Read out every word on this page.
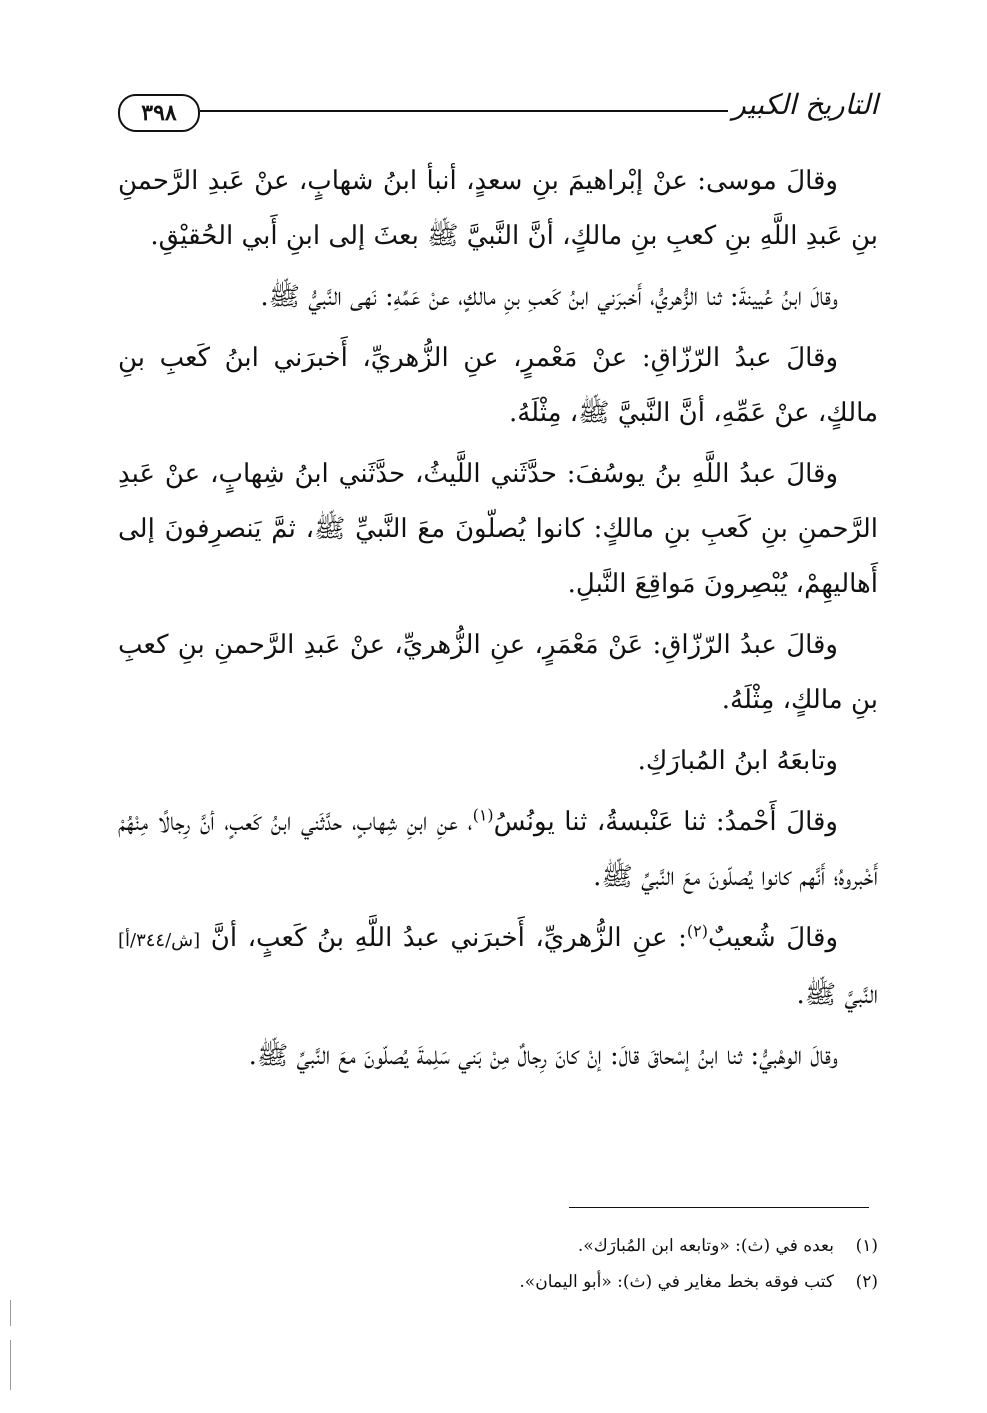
٣٩٨	التاريخ الكبير

وقالَ موسى: عنْ إبْراهيمَ بنِ سعدٍ، أنبأ ابنُ شهابٍ، عنْ عَبدِ الرَّحمنِ بنِ عَبدِ اللَّهِ بنِ كعبِ بنِ مالكٍ، أنَّ النَّبيَّ ﷺ بعثَ إلى ابنِ أَبي الحُقيْقِ.

وقالَ ابنُ عُيينةَ: ثنا الزُّهريُّ، أَخبرَني ابنُ كَعبِ بنِ مالكٍ، عنْ عَمِّهِ: نَهى النَّبيُّ ﷺ.

وقالَ عبدُ الرّزّاقِ: عنْ مَعْمرٍ، عنِ الزُّهريِّ، أَخبرَني ابنُ كَعبِ بنِ مالكٍ، عنْ عَمِّهِ، أنَّ النَّبيَّ ﷺ، مِثْلَهُ.

وقالَ عبدُ اللَّهِ بنُ يوسُفَ: حدَّثَني اللَّيثُ، حدَّثَني ابنُ شِهابٍ، عنْ عَبدِ الرَّحمنِ بنِ كَعبِ بنِ مالكٍ: كانوا يُصلّونَ معَ النَّبيِّ ﷺ، ثمَّ يَنصرِفونَ إلى أَهاليهِمْ، يُبْصِرونَ مَواقِعَ النَّبلِ.

وقالَ عبدُ الرّزّاقِ: عَنْ مَعْمَرٍ، عنِ الزُّهريِّ، عنْ عَبدِ الرَّحمنِ بنِ كعبِ بنِ مالكٍ، مِثْلَهُ.

وتابعَهُ ابنُ المُبارَكِ.

وقالَ أَحْمدُ: ثنا عَنْبسةُ، ثنا يونُسُ$^{(١)}$، عنِ ابنِ شِهابٍ، حدَّثَني ابنُ كَعبٍ، أنَّ رِجالًا مِنْهُمْ أَخْبروهُ؛ أَنَّهم كانوا يُصلّونَ معَ النَّبيِّ ﷺ.

وقالَ شُعيبٌ$^{(٢)}$: عنِ الزُّهريِّ، أَخبرَني عبدُ اللَّهِ بنُ كَعبٍ، أنَّ [ش/٣٤٤/أ] النَّبيَّ ﷺ.

وقالَ الوهْبيُّ: ثنا ابنُ إسْحاقَ قالَ: إنْ كانَ رِجالٌ مِنْ بَني سَلِمةَ يُصلّونَ معَ النَّبيِّ ﷺ.

(١)
بعده في (ث): «وتابعه ابن المُبارَك».
(٢)
كتب فوقه بخط مغاير في (ث): «أبو اليمان».
